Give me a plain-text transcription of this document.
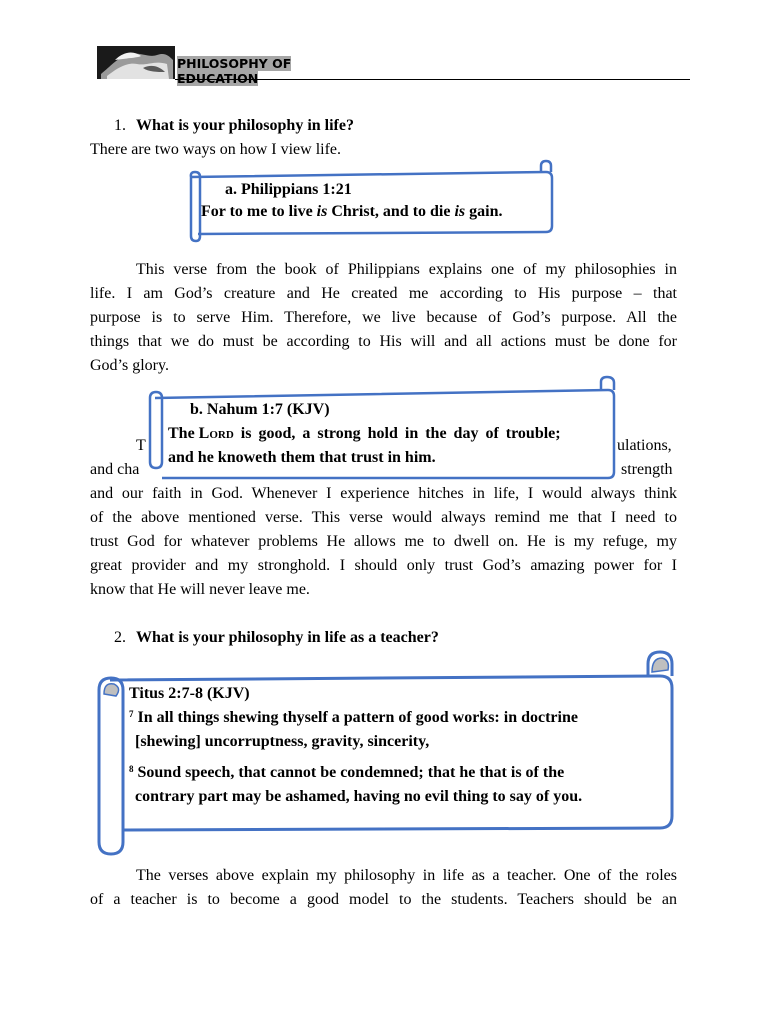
PHILOSOPHY OF EDUCATION
1. What is your philosophy in life?
There are two ways on how I view life.
a. Philippians 1:21
For to me to live is Christ, and to die is gain.
This verse from the book of Philippians explains one of my philosophies in
life. I am God’s creature and He created me according to His purpose – that
purpose is to serve Him. Therefore, we live because of God’s purpose. All the
things that we do must be according to His will and all actions must be done for
God’s glory.
T	ulations,
and cha	strength
b. Nahum 1:7 (KJV)
The Lord is good, a strong hold in the day of trouble;
and he knoweth them that trust in him.
and our faith in God. Whenever I experience hitches in life, I would always think
of the above mentioned verse. This verse would always remind me that I need to
trust God for whatever problems He allows me to dwell on. He is my refuge, my
great provider and my stronghold. I should only trust God’s amazing power for I
know that He will never leave me.
2. What is your philosophy in life as a teacher?
Titus 2:7-8 (KJV)
$^7$ In all things shewing thyself a pattern of good works: in doctrine
[shewing] uncorruptness, gravity, sincerity,
$^8$ Sound speech, that cannot be condemned; that he that is of the
contrary part may be ashamed, having no evil thing to say of you.
The verses above explain my philosophy in life as a teacher. One of the roles
of a teacher is to become a good model to the students. Teachers should be an
